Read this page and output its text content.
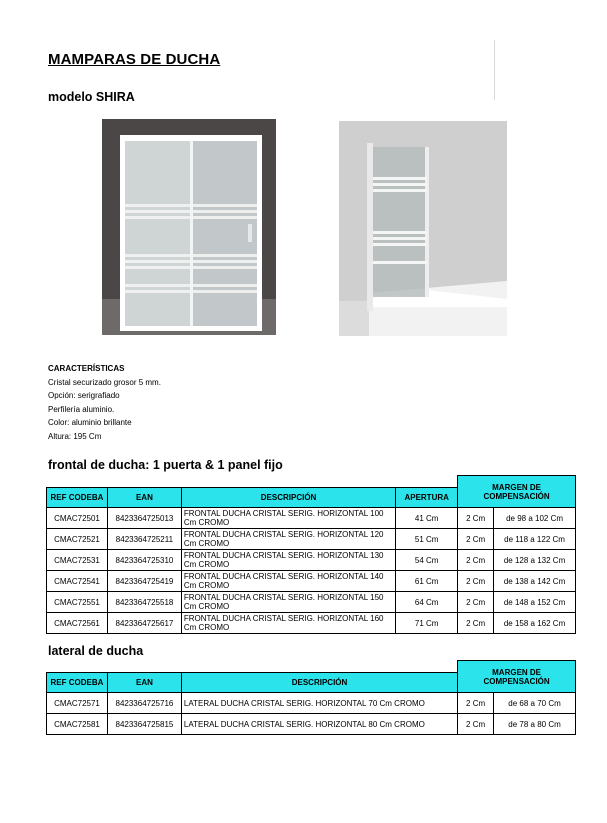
MAMPARAS DE DUCHA
modelo SHIRA
CARACTERÍSTICAS
Cristal securizado grosor 5 mm.
Opción: serigrafiado
Perfilería aluminio.
Color: aluminio brillante
Altura: 195 Cm
frontal de ducha: 1 puerta & 1 panel fijo
				MARGEN DE COMPENSACIÓN	
REF CODEBA	EAN	DESCRIPCIÓN	APERTURA		
CMAC72501	8423364725013	FRONTAL DUCHA CRISTAL SERIG. HORIZONTAL 100 Cm CROMO	41 Cm	2 Cm	de 98 a 102 Cm
CMAC72521	8423364725211	FRONTAL DUCHA CRISTAL SERIG. HORIZONTAL 120 Cm CROMO	51 Cm	2 Cm	de 118 a 122 Cm
CMAC72531	8423364725310	FRONTAL DUCHA CRISTAL SERIG. HORIZONTAL 130 Cm CROMO	54 Cm	2 Cm	de 128 a 132 Cm
CMAC72541	8423364725419	FRONTAL DUCHA CRISTAL SERIG. HORIZONTAL 140 Cm CROMO	61 Cm	2 Cm	de 138 a 142 Cm
CMAC72551	8423364725518	FRONTAL DUCHA CRISTAL SERIG. HORIZONTAL 150 Cm CROMO	64 Cm	2 Cm	de 148 a 152 Cm
CMAC72561	8423364725617	FRONTAL DUCHA CRISTAL SERIG. HORIZONTAL 160 Cm CROMO	71 Cm	2 Cm	de 158 a 162 Cm
lateral de ducha
			MARGEN DE COMPENSACIÓN	
REF CODEBA	EAN	DESCRIPCIÓN		
CMAC72571	8423364725716	LATERAL DUCHA CRISTAL SERIG. HORIZONTAL 70 Cm CROMO	2 Cm	de 68 a 70 Cm
CMAC72581	8423364725815	LATERAL DUCHA CRISTAL SERIG. HORIZONTAL 80 Cm CROMO	2 Cm	de 78 a 80 Cm
